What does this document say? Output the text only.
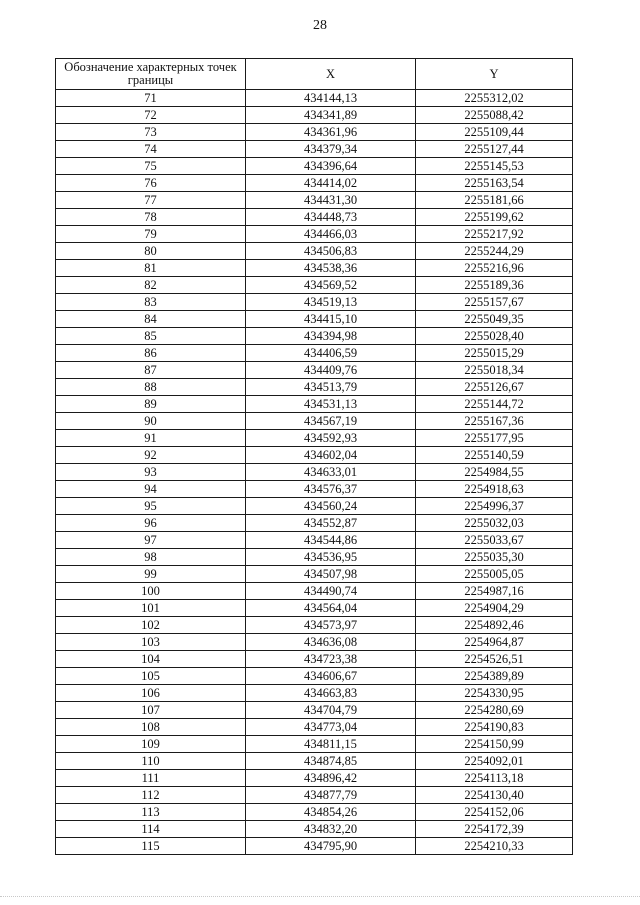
28
Обозначение характерных точек границы	X	Y
71	434144,13	2255312,02
72	434341,89	2255088,42
73	434361,96	2255109,44
74	434379,34	2255127,44
75	434396,64	2255145,53
76	434414,02	2255163,54
77	434431,30	2255181,66
78	434448,73	2255199,62
79	434466,03	2255217,92
80	434506,83	2255244,29
81	434538,36	2255216,96
82	434569,52	2255189,36
83	434519,13	2255157,67
84	434415,10	2255049,35
85	434394,98	2255028,40
86	434406,59	2255015,29
87	434409,76	2255018,34
88	434513,79	2255126,67
89	434531,13	2255144,72
90	434567,19	2255167,36
91	434592,93	2255177,95
92	434602,04	2255140,59
93	434633,01	2254984,55
94	434576,37	2254918,63
95	434560,24	2254996,37
96	434552,87	2255032,03
97	434544,86	2255033,67
98	434536,95	2255035,30
99	434507,98	2255005,05
100	434490,74	2254987,16
101	434564,04	2254904,29
102	434573,97	2254892,46
103	434636,08	2254964,87
104	434723,38	2254526,51
105	434606,67	2254389,89
106	434663,83	2254330,95
107	434704,79	2254280,69
108	434773,04	2254190,83
109	434811,15	2254150,99
110	434874,85	2254092,01
111	434896,42	2254113,18
112	434877,79	2254130,40
113	434854,26	2254152,06
114	434832,20	2254172,39
115	434795,90	2254210,33
